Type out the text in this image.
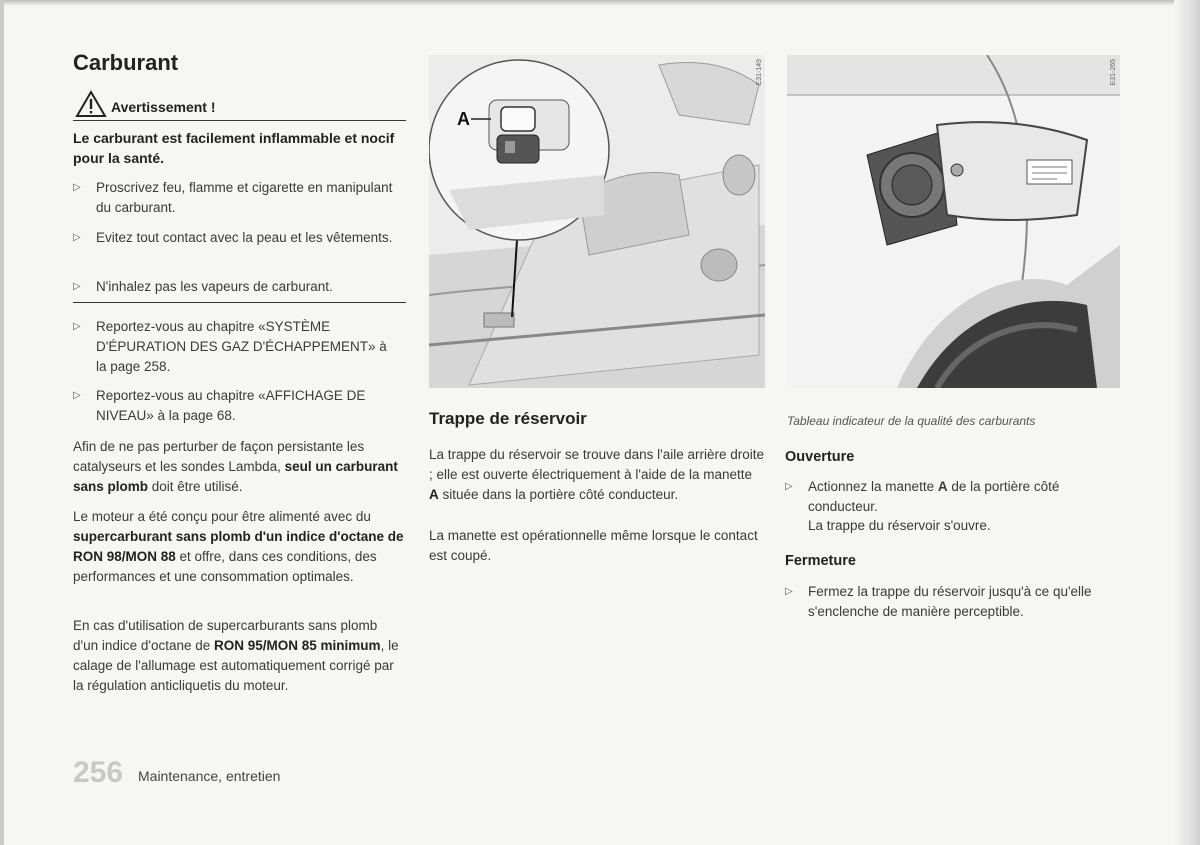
Carburant
Avertissement !
Le carburant est facilement inflammable et nocif pour la santé.
▷ Proscrivez feu, flamme et cigarette en manipulant du carburant.
▷ Evitez tout contact avec la peau et les vêtements.
▷ N'inhalez pas les vapeurs de carburant.
▷ Reportez-vous au chapitre «SYSTÈME D'ÉPURATION DES GAZ D'ÉCHAPPEMENT» à la page 258.
▷ Reportez-vous au chapitre «AFFICHAGE DE NIVEAU» à la page 68.

Afin de ne pas perturber de façon persistante les catalyseurs et les sondes Lambda, seul un carburant sans plomb doit être utilisé.

Le moteur a été conçu pour être alimenté avec du supercarburant sans plomb d'un indice d'octane de RON 98/MON 88 et offre, dans ces conditions, des performances et une consommation optimales.

En cas d'utilisation de supercarburants sans plomb d'un indice d'octane de RON 95/MON 85 minimum, le calage de l'allumage est automatiquement corrigé par la régulation anticliquetis du moteur.

A
E31-149
Trappe de réservoir

La trappe du réservoir se trouve dans l'aile arrière droite ; elle est ouverte électriquement à l'aide de la manette A située dans la portière côté conducteur.

La manette est opérationnelle même lorsque le contact est coupé.

E31-265
Tableau indicateur de la qualité des carburants
Ouverture
▷ Actionnez la manette A de la portière côté conducteur.
La trappe du réservoir s'ouvre.
Fermeture
▷ Fermez la trappe du réservoir jusqu'à ce qu'elle s'enclenche de manière perceptible.
256 Maintenance, entretien
